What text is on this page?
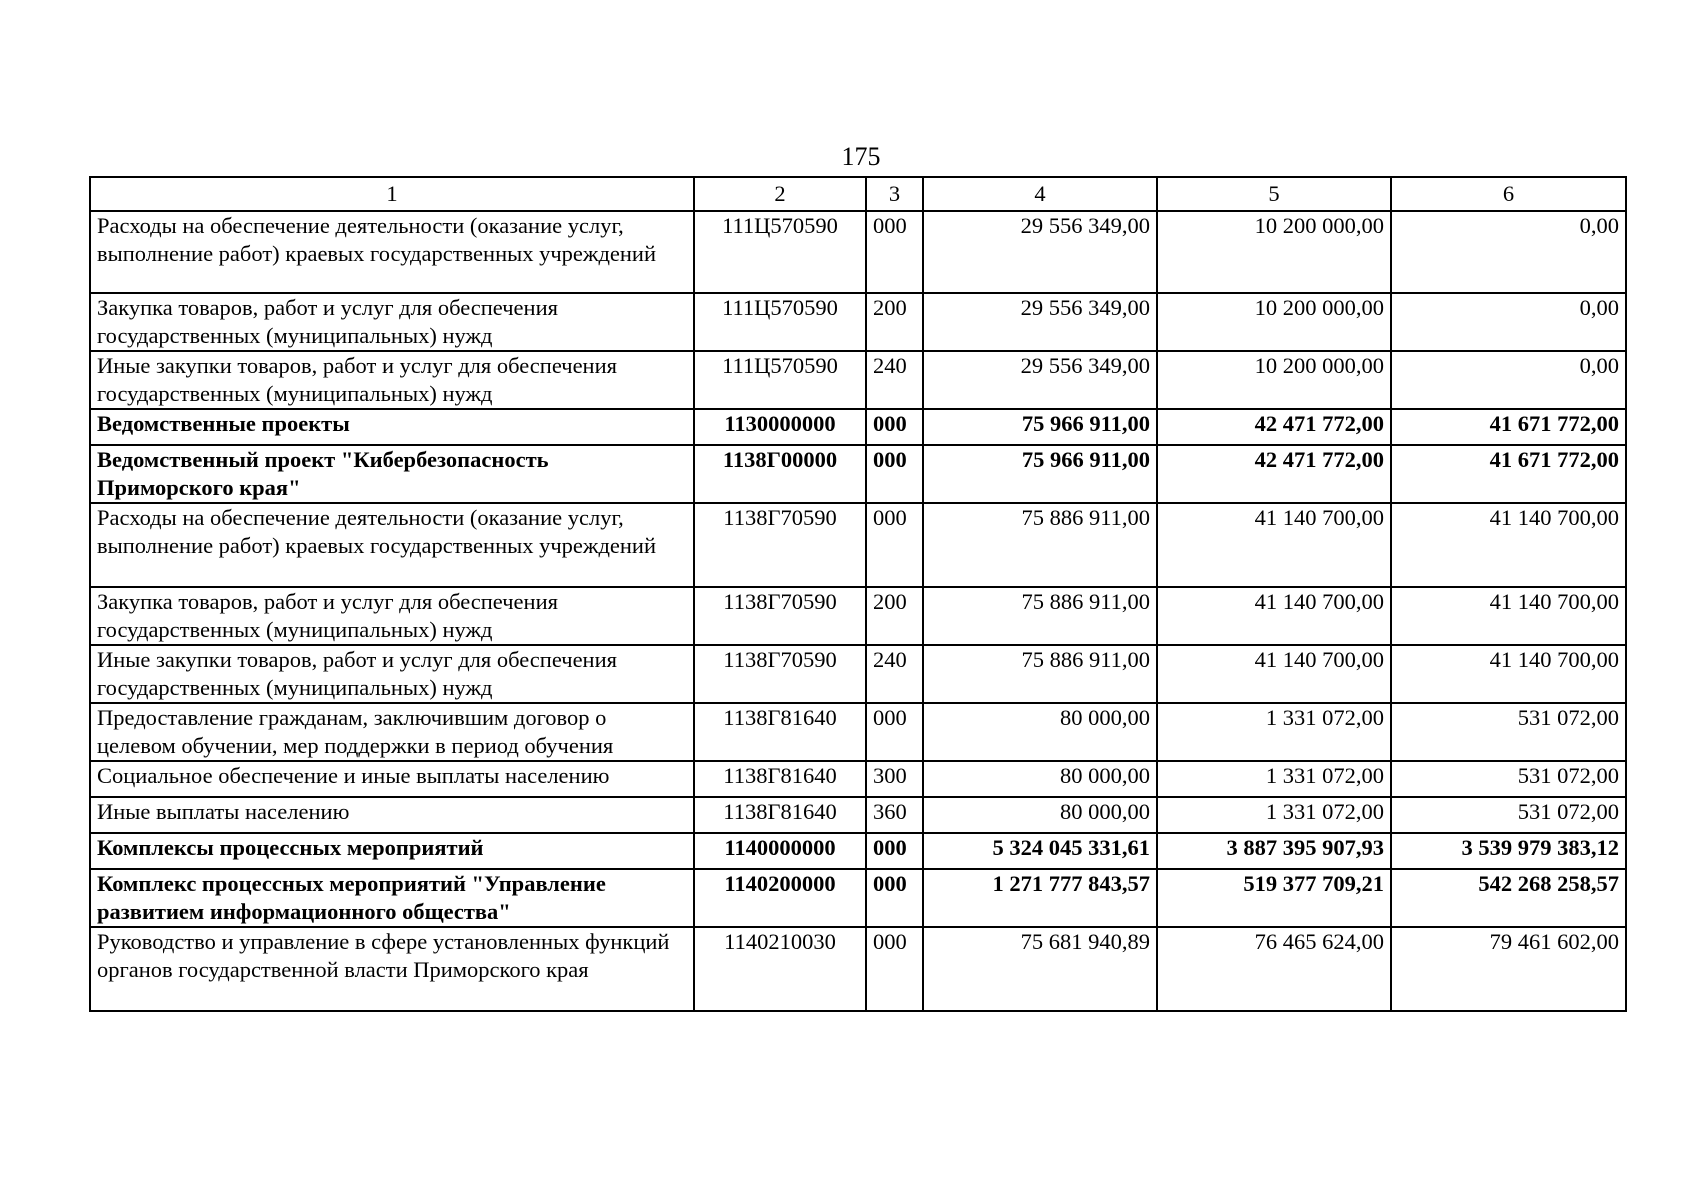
175
1	2	3	4	5	6
Расходы на обеспечение деятельности (оказание услуг, выполнение работ) краевых государственных учреждений	111Ц570590	000	29 556 349,00	10 200 000,00	0,00
Закупка товаров, работ и услуг для обеспечения государственных (муниципальных) нужд	111Ц570590	200	29 556 349,00	10 200 000,00	0,00
Иные закупки товаров, работ и услуг для обеспечения государственных (муниципальных) нужд	111Ц570590	240	29 556 349,00	10 200 000,00	0,00
Ведомственные проекты	1130000000	000	75 966 911,00	42 471 772,00	41 671 772,00
Ведомственный проект "Кибербезопасность Приморского края"	1138Г00000	000	75 966 911,00	42 471 772,00	41 671 772,00
Расходы на обеспечение деятельности (оказание услуг, выполнение работ) краевых государственных учреждений	1138Г70590	000	75 886 911,00	41 140 700,00	41 140 700,00
Закупка товаров, работ и услуг для обеспечения государственных (муниципальных) нужд	1138Г70590	200	75 886 911,00	41 140 700,00	41 140 700,00
Иные закупки товаров, работ и услуг для обеспечения государственных (муниципальных) нужд	1138Г70590	240	75 886 911,00	41 140 700,00	41 140 700,00
Предоставление гражданам, заключившим договор о целевом обучении, мер поддержки в период обучения	1138Г81640	000	80 000,00	1 331 072,00	531 072,00
Социальное обеспечение и иные выплаты населению	1138Г81640	300	80 000,00	1 331 072,00	531 072,00
Иные выплаты населению	1138Г81640	360	80 000,00	1 331 072,00	531 072,00
Комплексы процессных мероприятий	1140000000	000	5 324 045 331,61	3 887 395 907,93	3 539 979 383,12
Комплекс процессных мероприятий "Управление развитием информационного общества"	1140200000	000	1 271 777 843,57	519 377 709,21	542 268 258,57
Руководство и управление в сфере установленных функций органов государственной власти Приморского края	1140210030	000	75 681 940,89	76 465 624,00	79 461 602,00
